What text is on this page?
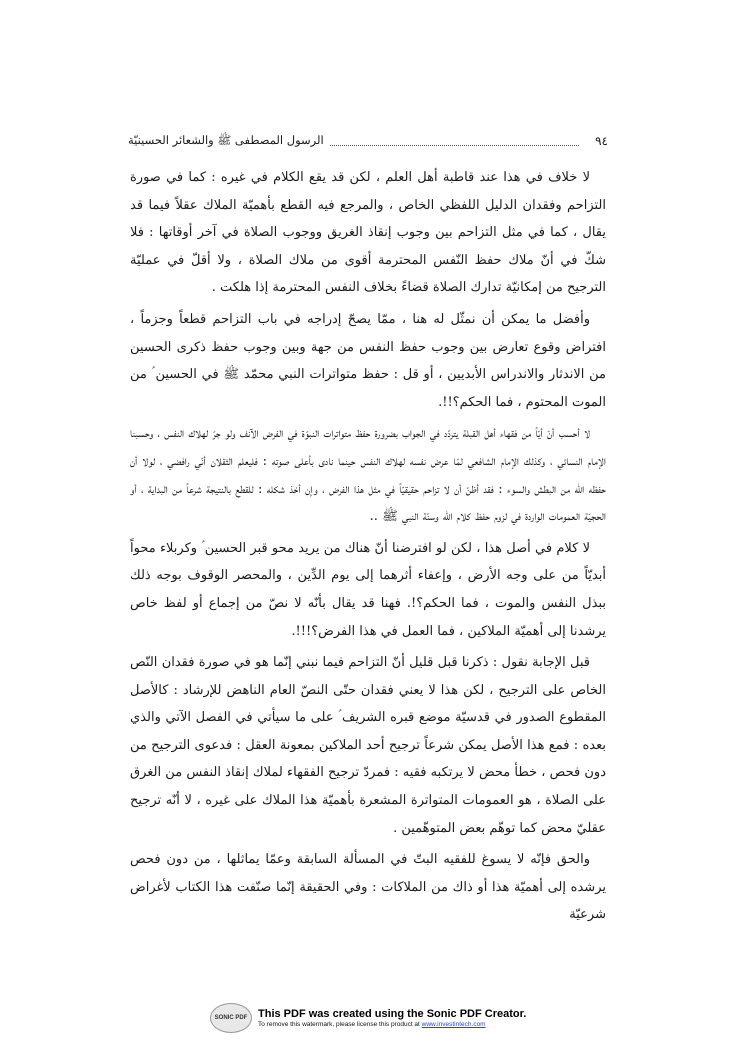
٩٤
الرسول المصطفى ﷺ والشعائر الحسينيّة

لا خلاف في هذا عند قاطبة أهل العلم ، لكن قد يقع الكلام في غيره : كما في صورة التزاحم وفقدان الدليل اللفظي الخاص ، والمرجع فيه القطع بأهميّة الملاك عقلاً فيما قد يقال ، كما في مثل التزاحم بين وجوب إنقاذ الغريق ووجوب الصلاة في آخر أوقاتها : فلا شكّ في أنّ ملاك حفظ النّفس المحترمة أقوى من ملاك الصلاة ، ولا أقلّ في عمليّة الترجيح من إمكانيّة تدارك الصلاة قضاءً بخلاف النفس المحترمة إذا هلكت .

وأفضل ما يمكن أن نمثّل له هنا ، ممّا يصحّ إدراجه في باب التزاحم قطعاً وجزماً ، افتراض وقوع تعارض بين وجوب حفظ النفس من جهة وبين وجوب حفظ ذكرى الحسين من الاندثار والاندراس الأبديين ، أو قل : حفظ متواترات النبي محمّد ﷺ في الحسين ؑ من الموت المحتوم ، فما الحكم؟!!.

لا أحسب أنّ أيّاً من فقهاء أهل القبلة يتردّد في الجواب بضرورة حفظ متواترات النبوّة في الفرض الآنف ولو جرّ لهلاك النفس ، وحسبنا الإمام النسائي ، وكذلك الإمام الشافعي لمّا عرض نفسه لهلاك النفس حينما نادى بأعلى صوته : فليعلم الثقلان أنّي رافضي ، لولا أن حفظه الله من البطش والسوء : فقد أظنّ أن لا تزاحم حقيقيّاً في مثل هذا الفرض ، وإن أخذ شكله : للقطع بالنتيجة شرعاً من البداية ، أو الحجيّة العمومات الواردة في لزوم حفظ كلام الله وسنّة النبي ﷺ ..

لا كلام في أصل هذا ، لكن لو افترضنا أنّ هناك من يريد محو قبر الحسين ؑ وكربلاء محواً أبديّاً من على وجه الأرض ، وإعفاء أثرهما إلى يوم الدِّين ، والمحصر الوقوف بوجه ذلك ببذل النفس والموت ، فما الحكم؟!. فهنا قد يقال بأنّه لا نصّ من إجماع أو لفظ خاص يرشدنا إلى أهميّة الملاكين ، فما العمل في هذا الفرض؟!!!.

قبل الإجابة نقول : ذكرنا قبل قليل أنّ التزاحم فيما نبني إنّما هو في صورة فقدان النّص الخاص على الترجيح ، لكن هذا لا يعني فقدان حتّى النصّ العام الناهض للإرشاد : كالأصل المقطوع الصدور في قدسيّة موضع قبره الشريف ؑ على ما سيأتي في الفصل الآتي والذي بعده : فمع هذا الأصل يمكن شرعاً ترجيح أحد الملاكين بمعونة العقل : فدعوى الترجيح من دون فحص ، خطأ محض لا يرتكبه فقيه : فمردّ ترجيح الفقهاء لملاك إنقاذ النفس من الغرق على الصلاة ، هو العمومات المتواترة المشعرة بأهميّة هذا الملاك على غيره ، لا أنّه ترجيح عقليّ محض كما توهّم بعض المتوهّمين .

والحق فإنّه لا يسوغ للفقيه البتّ في المسألة السابقة وعمّا يماثلها ، من دون فحص يرشده إلى أهميّة هذا أو ذاك من الملاكات : وفي الحقيقة إنّما صنّفت هذا الكتاب لأغراض شرعيّة

SONIC PDF This PDF was created using the Sonic PDF Creator.
To remove this watermark, please license this product at www.investintech.com
